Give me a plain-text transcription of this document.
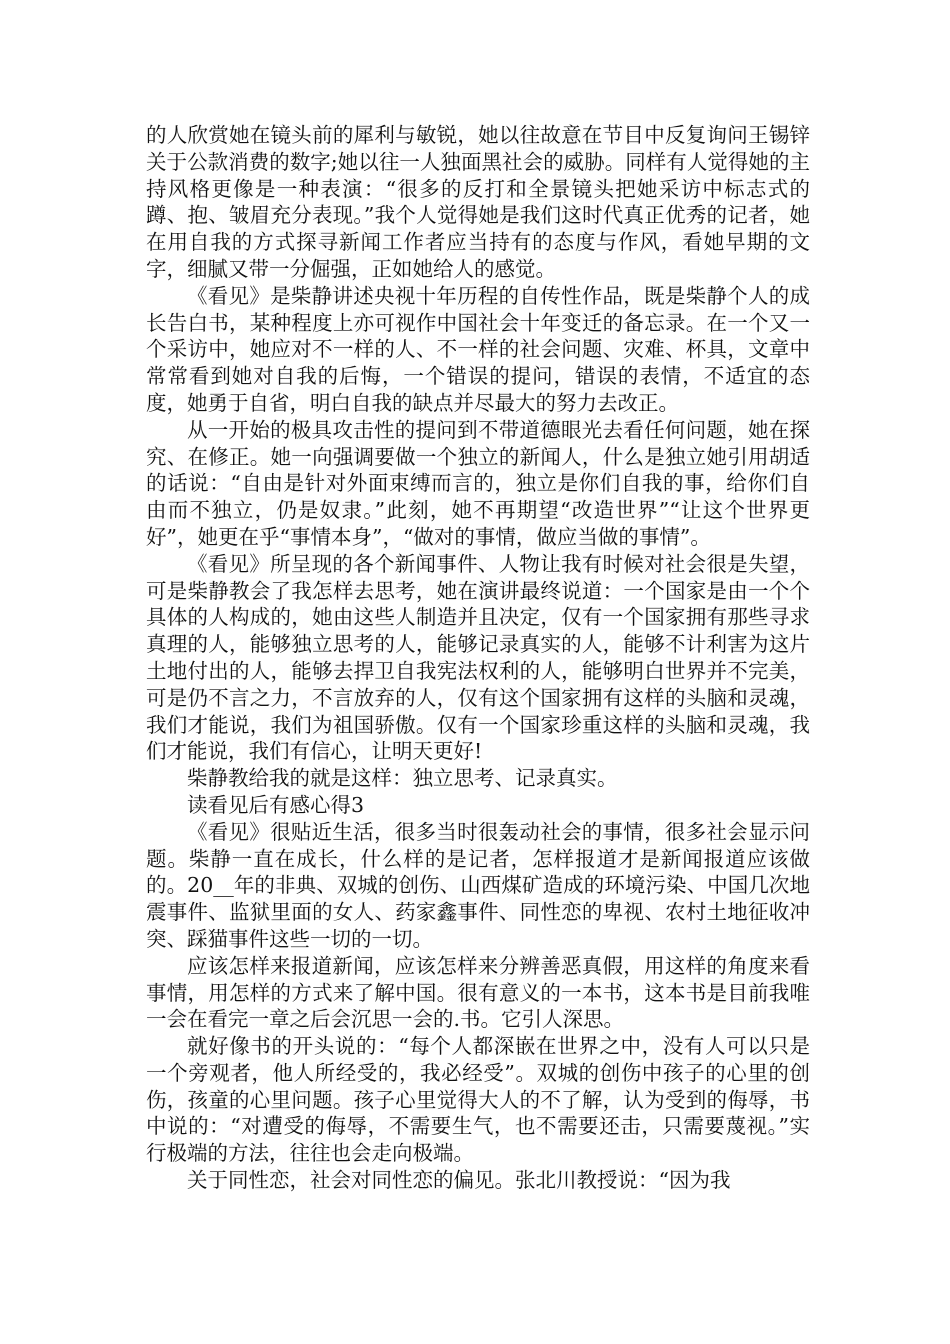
的人欣赏她在镜头前的犀利与敏锐，她以往故意在节目中反复询问王锡锌关于公款消费的数字;她以往一人独面黑社会的威胁。同样有人觉得她的主持风格更像是一种表演：“很多的反打和全景镜头把她采访中标志式的蹲、抱、皱眉充分表现。”我个人觉得她是我们这时代真正优秀的记者，她在用自我的方式探寻新闻工作者应当持有的态度与作风，看她早期的文字，细腻又带一分倔强，正如她给人的感觉。

《看见》是柴静讲述央视十年历程的自传性作品，既是柴静个人的成长告白书，某种程度上亦可视作中国社会十年变迁的备忘录。在一个又一个采访中，她应对不一样的人、不一样的社会问题、灾难、杯具，文章中常常看到她对自我的后悔，一个错误的提问，错误的表情，不适宜的态度，她勇于自省，明白自我的缺点并尽最大的努力去改正。

从一开始的极具攻击性的提问到不带道德眼光去看任何问题，她在探究、在修正。她一向强调要做一个独立的新闻人，什么是独立她引用胡适的话说：“自由是针对外面束缚而言的，独立是你们自我的事，给你们自由而不独立，仍是奴隶。”此刻，她不再期望“改造世界”“让这个世界更好”，她更在乎“事情本身”，“做对的事情，做应当做的事情”。

《看见》所呈现的各个新闻事件、人物让我有时候对社会很是失望，可是柴静教会了我怎样去思考，她在演讲最终说道：一个国家是由一个个具体的人构成的，她由这些人制造并且决定，仅有一个国家拥有那些寻求真理的人，能够独立思考的人，能够记录真实的人，能够不计利害为这片土地付出的人，能够去捍卫自我宪法权利的人，能够明白世界并不完美，可是仍不言之力，不言放弃的人，仅有这个国家拥有这样的头脑和灵魂，我们才能说，我们为祖国骄傲。仅有一个国家珍重这样的头脑和灵魂，我们才能说，我们有信心，让明天更好!

柴静教给我的就是这样：独立思考、记录真实。

读看见后有感心得3

《看见》很贴近生活，很多当时很轰动社会的事情，很多社会显示问题。柴静一直在成长，什么样的是记者，怎样报道才是新闻报道应该做的。20__年的非典、双城的创伤、山西煤矿造成的环境污染、中国几次地震事件、监狱里面的女人、药家鑫事件、同性恋的卑视、农村土地征收冲突、踩猫事件这些一切的一切。

应该怎样来报道新闻，应该怎样来分辨善恶真假，用这样的角度来看事情，用怎样的方式来了解中国。很有意义的一本书，这本书是目前我唯一会在看完一章之后会沉思一会的.书。它引人深思。

就好像书的开头说的：“每个人都深嵌在世界之中，没有人可以只是一个旁观者，他人所经受的，我必经受”。双城的创伤中孩子的心里的创伤，孩童的心里问题。孩子心里觉得大人的不了解，认为受到的侮辱，书中说的：“对遭受的侮辱，不需要生气，也不需要还击，只需要蔑视。”实行极端的方法，往往也会走向极端。

关于同性恋，社会对同性恋的偏见。张北川教授说：“因为我
